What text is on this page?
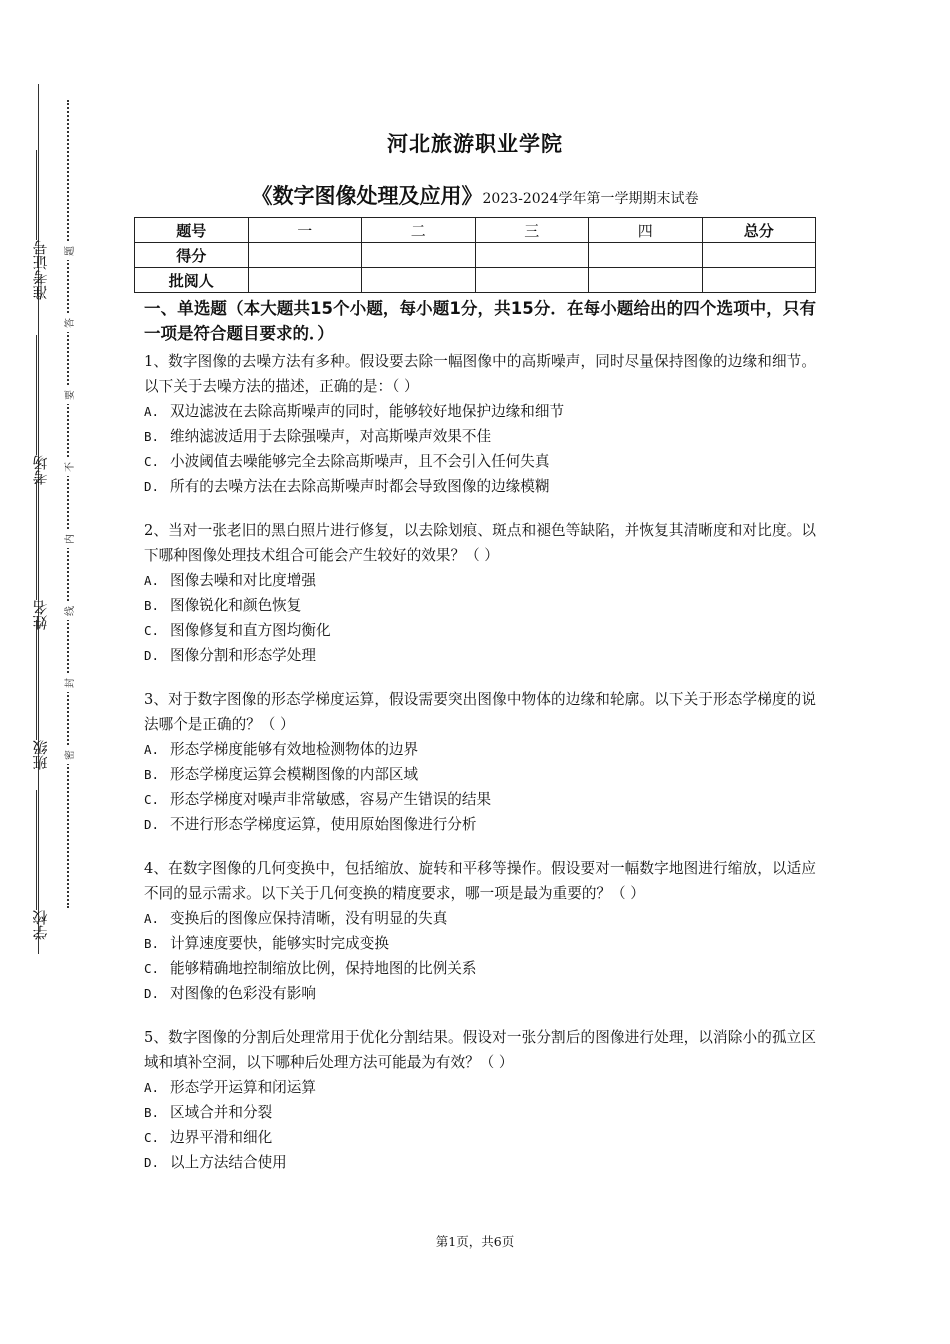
准考证号
考场
姓名
班级
学校
题
答
要
不
内
线
封
密
河北旅游职业学院
《数字图像处理及应用》2023-2024学年第一学期期末试卷
题号	一	二	三	四	总分
得分					
批阅人					
一、单选题（本大题共15个小题，每小题1分，共15分．在每小题给出的四个选项中，只有一项是符合题目要求的．）
1、数字图像的去噪方法有多种。假设要去除一幅图像中的高斯噪声，同时尽量保持图像的边缘和细节。以下关于去噪方法的描述，正确的是：（ ）
A. 双边滤波在去除高斯噪声的同时，能够较好地保护边缘和细节
B. 维纳滤波适用于去除强噪声，对高斯噪声效果不佳
C. 小波阈值去噪能够完全去除高斯噪声，且不会引入任何失真
D. 所有的去噪方法在去除高斯噪声时都会导致图像的边缘模糊
2、当对一张老旧的黑白照片进行修复，以去除划痕、斑点和褪色等缺陷，并恢复其清晰度和对比度。以下哪种图像处理技术组合可能会产生较好的效果？（ ）
A. 图像去噪和对比度增强
B. 图像锐化和颜色恢复
C. 图像修复和直方图均衡化
D. 图像分割和形态学处理
3、对于数字图像的形态学梯度运算，假设需要突出图像中物体的边缘和轮廓。以下关于形态学梯度的说法哪个是正确的？（ ）
A. 形态学梯度能够有效地检测物体的边界
B. 形态学梯度运算会模糊图像的内部区域
C. 形态学梯度对噪声非常敏感，容易产生错误的结果
D. 不进行形态学梯度运算，使用原始图像进行分析
4、在数字图像的几何变换中，包括缩放、旋转和平移等操作。假设要对一幅数字地图进行缩放，以适应不同的显示需求。以下关于几何变换的精度要求，哪一项是最为重要的？（ ）
A. 变换后的图像应保持清晰，没有明显的失真
B. 计算速度要快，能够实时完成变换
C. 能够精确地控制缩放比例，保持地图的比例关系
D. 对图像的色彩没有影响
5、数字图像的分割后处理常用于优化分割结果。假设对一张分割后的图像进行处理，以消除小的孤立区域和填补空洞，以下哪种后处理方法可能最为有效？（ ）
A. 形态学开运算和闭运算
B. 区域合并和分裂
C. 边界平滑和细化
D. 以上方法结合使用
第1页，共6页
